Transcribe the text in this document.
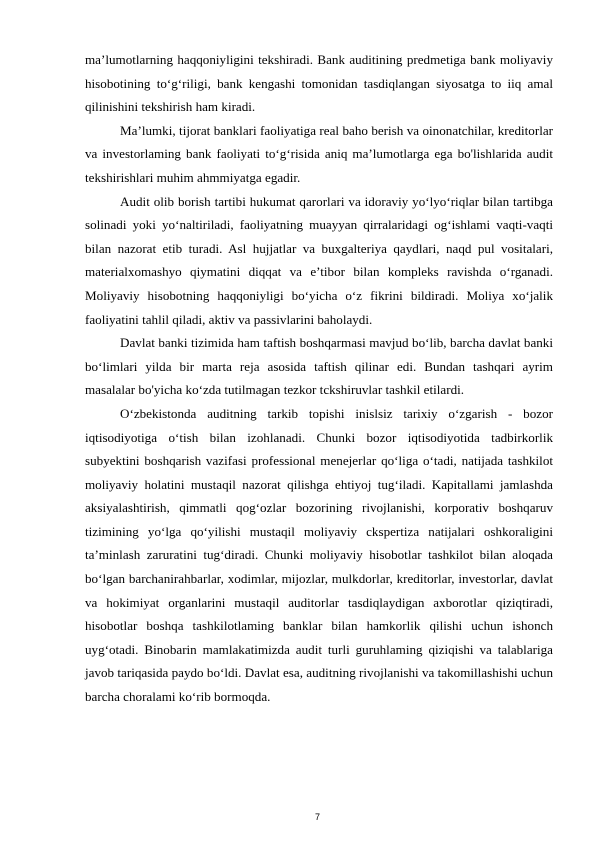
ma’lumotlarning haqqoniyligini tekshiradi. Bank auditining predmetiga bank moliyaviy hisobotining to‘g‘riligi, bank kengashi tomonidan tasdiqlangan siyosatga to iiq amal qilinishini tekshirish ham kiradi.

Ma’lumki, tijorat banklari faoliyatiga real baho berish va oinonatchilar, kreditorlar va investorlaming bank faoliyati to‘g‘risida aniq ma’lumotlarga ega bo'lishlarida audit tekshirishlari muhim ahmmiyatga egadir.

Audit olib borish tartibi hukumat qarorlari va idoraviy yo‘lyo‘riqlar bilan tartibga solinadi yoki yo‘naltiriladi, faoliyatning muayyan qirralaridagi og‘ishlami vaqti-vaqti bilan nazorat etib turadi. Asl hujjatlar va buxgalteriya qaydlari, naqd pul vositalari, materialxomashyo qiymatini diqqat va e’tibor bilan kompleks ravishda o‘rganadi. Moliyaviy hisobotning haqqoniyligi bo‘yicha o‘z fikrini bildiradi. Moliya xo‘jalik faoliyatini tahlil qiladi, aktiv va passivlarini baholaydi.

Davlat banki tizimida ham taftish boshqarmasi mavjud bo‘lib, barcha davlat banki bo‘limlari yilda bir marta reja asosida taftish qilinar edi. Bundan tashqari ayrim masalalar bo'yicha ko‘zda tutilmagan tezkor tckshiruvlar tashkil etilardi.

O‘zbekistonda auditning tarkib topishi inislsiz tarixiy o‘zgarish - bozor iqtisodiyotiga o‘tish bilan izohlanadi. Chunki bozor iqtisodiyotida tadbirkorlik subyektini boshqarish vazifasi professional menejerlar qo‘liga o‘tadi, natijada tashkilot moliyaviy holatini mustaqil nazorat qilishga ehtiyoj tug‘iladi. Kapitallami jamlashda aksiyalashtirish, qimmatli qog‘ozlar bozorining rivojlanishi, korporativ boshqaruv tizimining yo‘lga qo‘yilishi mustaqil moliyaviy ckspertiza natijalari oshkoraligini ta’minlash zaruratini tug‘diradi. Chunki moliyaviy hisobotlar tashkilot bilan aloqada bo‘lgan barchanirahbarlar, xodimlar, mijozlar, mulkdorlar, kreditorlar, investorlar, davlat va hokimiyat organlarini mustaqil auditorlar tasdiqlaydigan axborotlar qiziqtiradi, hisobotlar boshqa tashkilotlaming banklar bilan hamkorlik qilishi uchun ishonch uyg‘otadi. Binobarin mamlakatimizda audit turli guruhlaming qiziqishi va talablariga javob tariqasida paydo bo‘ldi. Davlat esa, auditning rivojlanishi va takomillashishi uchun barcha choralami ko‘rib bormoqda.

7
